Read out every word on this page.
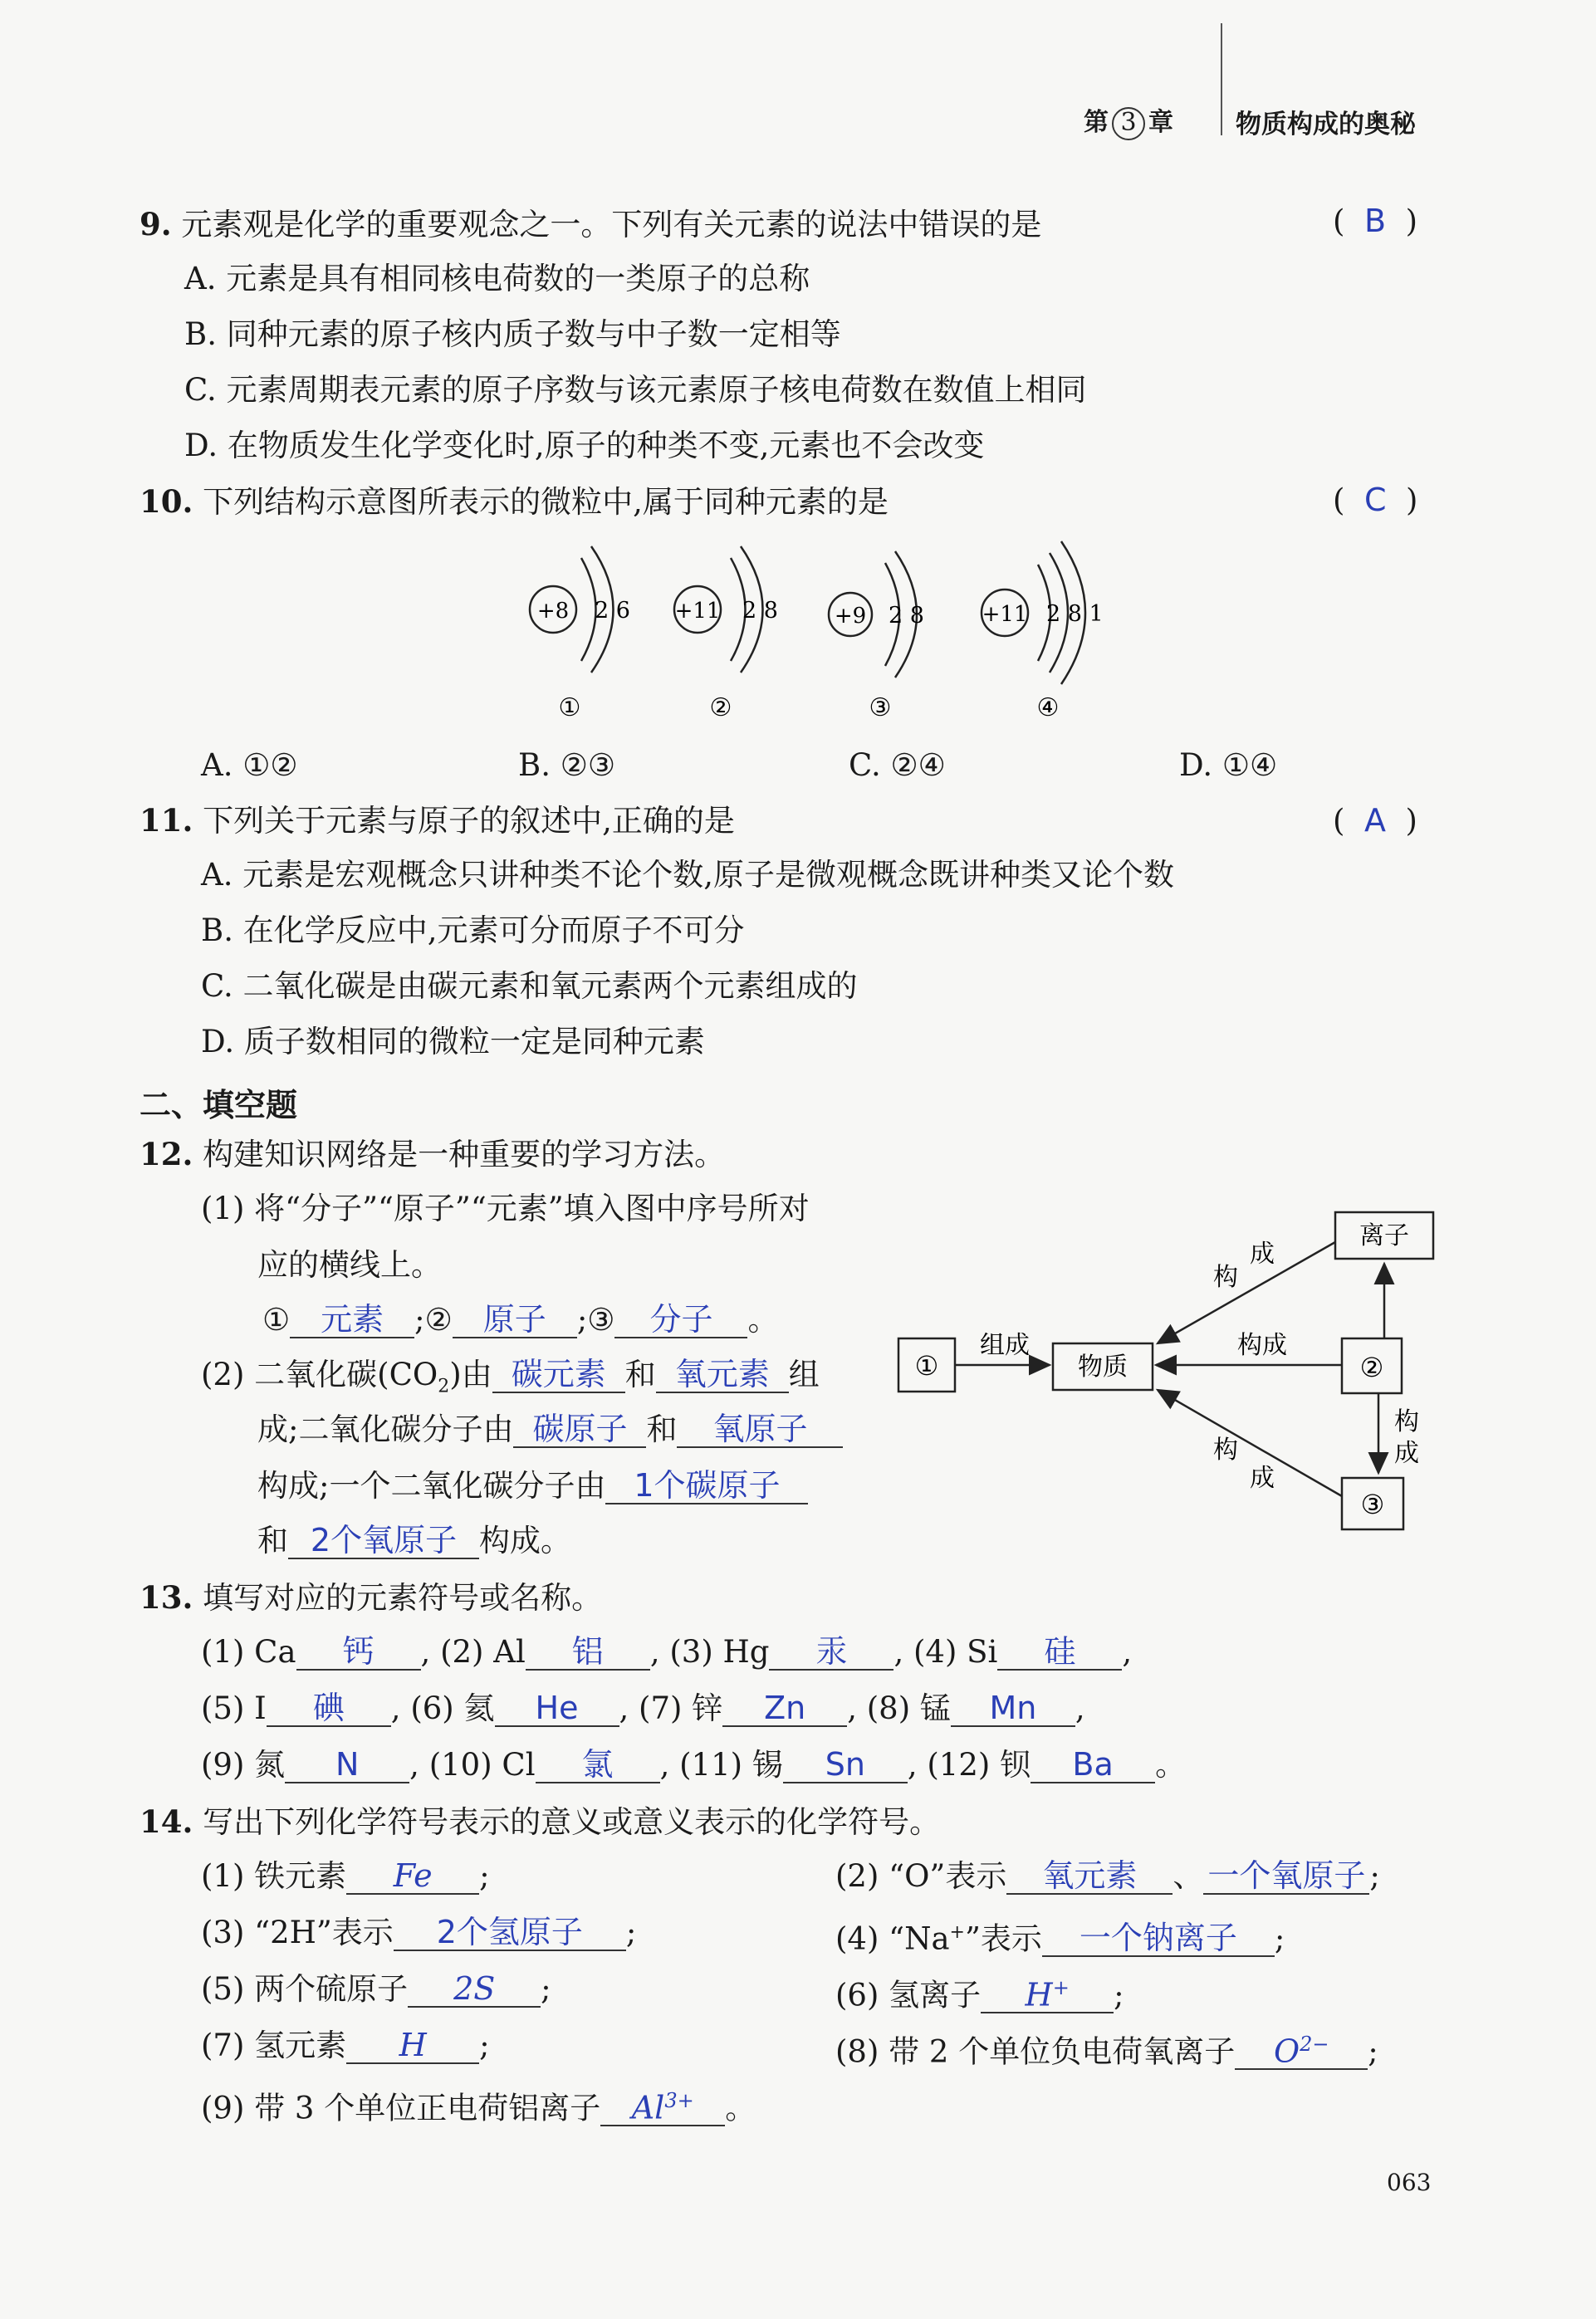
第 3 章 物质构成的奥秘
9. 元素观是化学的重要观念之一。下列有关元素的说法中错误的是	(  B  )
A. 元素是具有相同核电荷数的一类原子的总称
B. 同种元素的原子核内质子数与中子数一定相等
C. 元素周期表元素的原子序数与该元素原子核电荷数在数值上相同
D. 在物质发生化学变化时,原子的种类不变,元素也不会改变
10. 下列结构示意图所表示的微粒中,属于同种元素的是	(  C  )
+8 2 6
①
+11 2 8
②
+9 2 8
③
+11 2 8 1
④
A. ①②	B. ②③	C. ②④	D. ①④
11. 下列关于元素与原子的叙述中,正确的是	(  A  )
A. 元素是宏观概念只讲种类不论个数,原子是微观概念既讲种类又论个数
B. 在化学反应中,元素可分而原子不可分
C. 二氧化碳是由碳元素和氧元素两个元素组成的
D. 质子数相同的微粒一定是同种元素
二、填空题
12. 构建知识网络是一种重要的学习方法。
(1) 将“分子”“原子”“元素”填入图中序号所对
应的横线上。
① 元素 ;② 原子 ;③ 分子 。
(2) 二氧化碳$(CO_2)$由 碳元素 和 氧元素 组
成;二氧化碳分子由 碳原子 和 氧原子
构成;一个二氧化碳分子由 1个碳原子
和 2个氧原子 构成。
①	物质	②
离子
③
组成	构成
构
成
构
成
构
成
13. 填写对应的元素符号或名称。
(1) Ca 钙 , (2) Al 铝 , (3) Hg 汞 , (4) Si 硅 ,
(5) I 碘 , (6) 氦 He , (7) 锌 Zn , (8) 锰 Mn ,
(9) 氮 N , (10) Cl 氯 , (11) 锡 Sn , (12) 钡 Ba 。
14. 写出下列化学符号表示的意义或意义表示的化学符号。
(1) 铁元素 Fe ;	(2) “O”表示 氧元素 、 一个氧原子 ;
(3) “2H”表示 2个氢原子 ;	(4) “Na+”表示 一个钠离子 ;
(5) 两个硫原子 2S ;	(6) 氢离子 H+ ;
(7) 氢元素 H ;	(8) 带 2 个单位负电荷氧离子 $O^{2-}$ ;
(9) 带 3 个单位正电荷铝离子 $Al^{3+}$ 。
063
